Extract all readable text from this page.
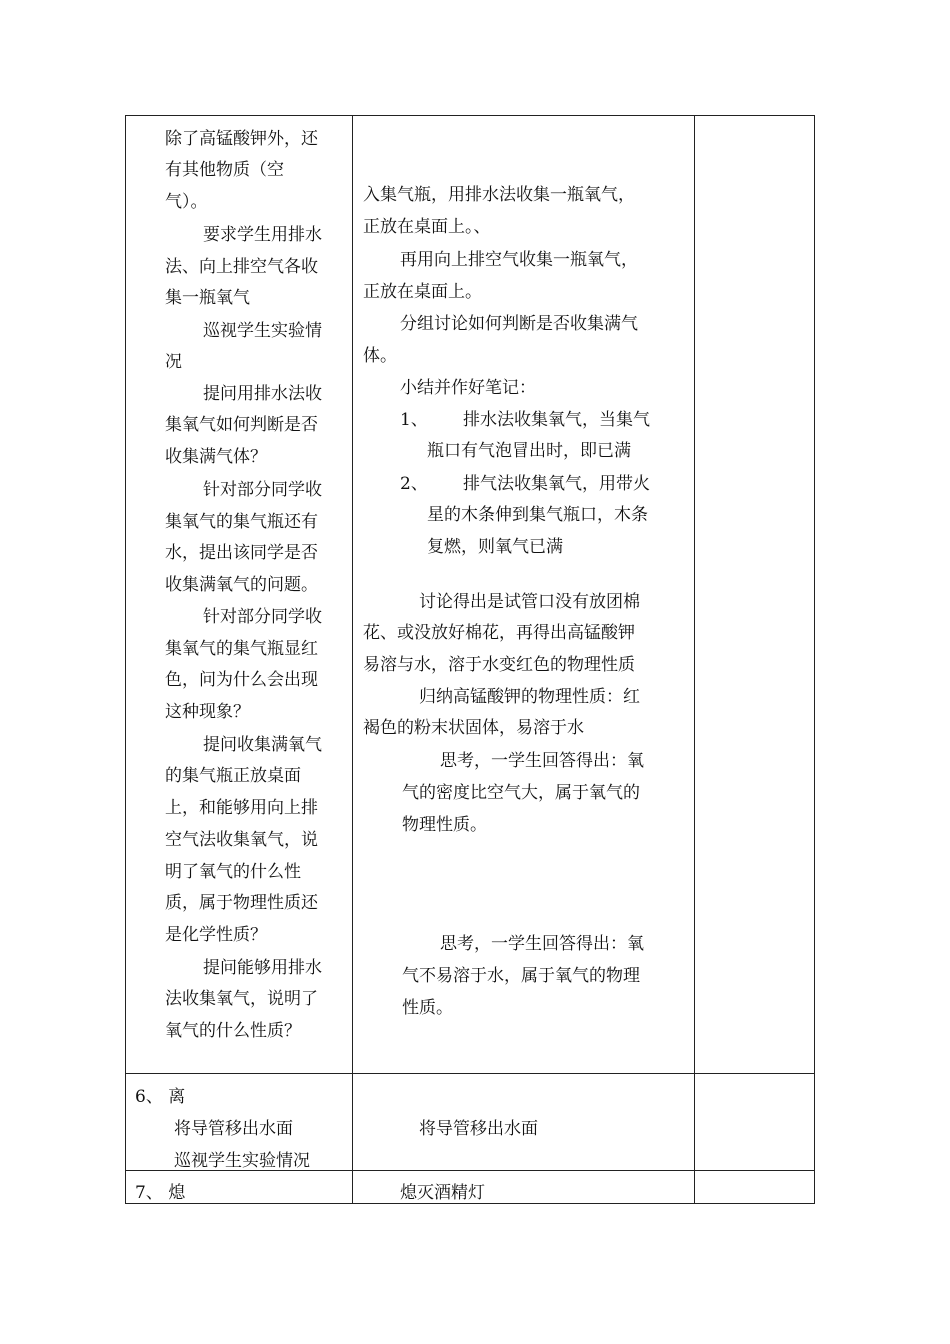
除了高锰酸钾外，还
有其他物质（空
气）。
要求学生用排水
法、向上排空气各收
集一瓶氧气
巡视学生实验情
况
提问用排水法收
集氧气如何判断是否
收集满气体？
针对部分同学收
集氧气的集气瓶还有
水，提出该同学是否
收集满氧气的问题。
针对部分同学收
集氧气的集气瓶显红
色，问为什么会出现
这种现象？
提问收集满氧气
的集气瓶正放桌面
上，和能够用向上排
空气法收集氧气，说
明了氧气的什么性
质，属于物理性质还
是化学性质？
提问能够用排水
法收集氧气，说明了
氧气的什么性质？
入集气瓶，用排水法收集一瓶氧气，
正放在桌面上。、
再用向上排空气收集一瓶氧气，
正放在桌面上。
分组讨论如何判断是否收集满气
体。
小结并作好笔记：
1、 排水法收集氧气，当集气
瓶口有气泡冒出时，即已满
2、 排气法收集氧气，用带火
星的木条伸到集气瓶口，木条
复燃，则氧气已满
讨论得出是试管口没有放团棉
花、或没放好棉花，再得出高锰酸钾
易溶与水，溶于水变红色的物理性质
归纳高锰酸钾的物理性质：红
褐色的粉末状固体，易溶于水
思考，一学生回答得出：氧
气的密度比空气大，属于氧气的
物理性质。
思考，一学生回答得出：氧
气不易溶于水，属于氧气的物理
性质。
6、 离
将导管移出水面
巡视学生实验情况
将导管移出水面
7、 熄	熄灭酒精灯
